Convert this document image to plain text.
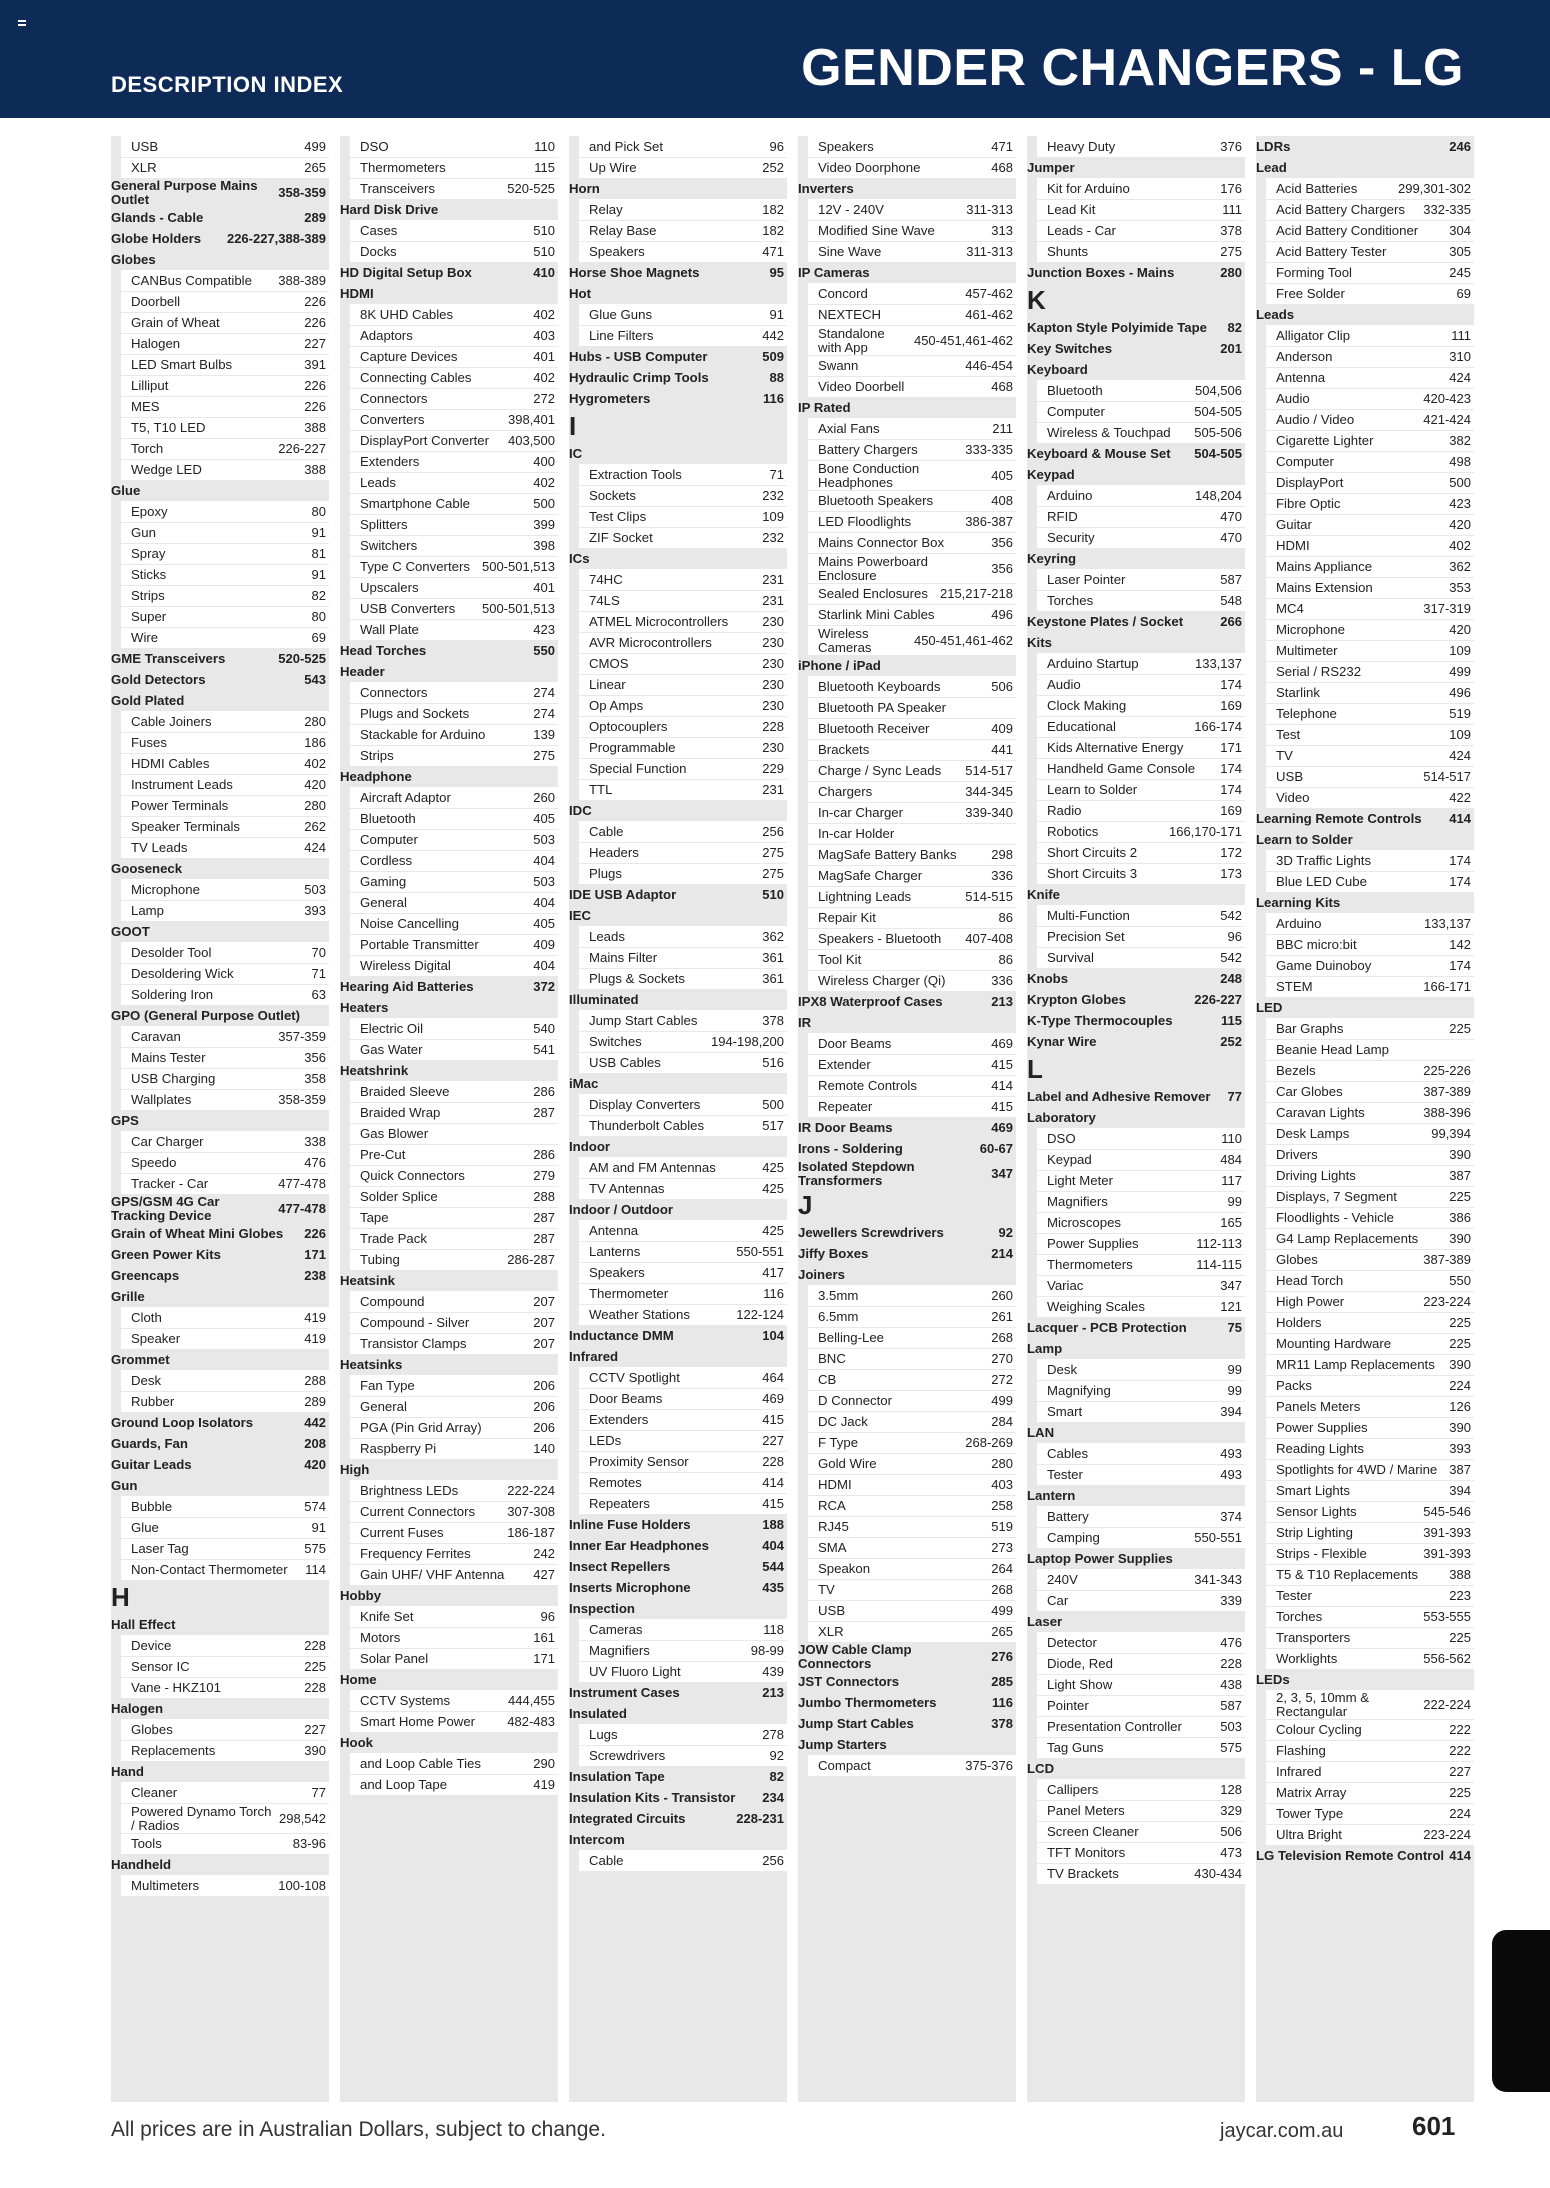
DESCRIPTION INDEX	GENDER CHANGERS - LG
USB	499
XLR	265
General Purpose Mains Outlet	358-359
Glands - Cable	289
Globe Holders	226-227,388-389
Globes
CANBus Compatible	388-389
Doorbell	226
Grain of Wheat	226
Halogen	227
LED Smart Bulbs	391
Lilliput	226
MES	226
T5, T10 LED	388
Torch	226-227
Wedge LED	388
Glue
Epoxy	80
Gun	91
Spray	81
Sticks	91
Strips	82
Super	80
Wire	69
GME Transceivers	520-525
Gold Detectors	543
Gold Plated
Cable Joiners	280
Fuses	186
HDMI Cables	402
Instrument Leads	420
Power Terminals	280
Speaker Terminals	262
TV Leads	424
Gooseneck
Microphone	503
Lamp	393
GOOT
Desolder Tool	70
Desoldering Wick	71
Soldering Iron	63
GPO (General Purpose Outlet)
Caravan	357-359
Mains Tester	356
USB Charging	358
Wallplates	358-359
GPS
Car Charger	338
Speedo	476
Tracker - Car	477-478
GPS/GSM 4G Car Tracking Device	477-478
Grain of Wheat Mini Globes	226
Green Power Kits	171
Greencaps	238
Grille
Cloth	419
Speaker	419
Grommet
Desk	288
Rubber	289
Ground Loop Isolators	442
Guards, Fan	208
Guitar Leads	420
Gun
Bubble	574
Glue	91
Laser Tag	575
Non-Contact Thermometer	114
H
Hall Effect
Device	228
Sensor IC	225
Vane - HKZ101	228
Halogen
Globes	227
Replacements	390
Hand
Cleaner	77
Powered Dynamo Torch / Radios	298,542
Tools	83-96
Handheld
Multimeters	100-108
DSO	110
Thermometers	115
Transceivers	520-525
Hard Disk Drive
Cases	510
Docks	510
HD Digital Setup Box	410
HDMI
8K UHD Cables	402
Adaptors	403
Capture Devices	401
Connecting Cables	402
Connectors	272
Converters	398,401
DisplayPort Converter	403,500
Extenders	400
Leads	402
Smartphone Cable	500
Splitters	399
Switchers	398
Type C Converters 500-501,513
Upscalers	401
USB Converters	500-501,513
Wall Plate	423
Head Torches	550
Header
Connectors	274
Plugs and Sockets	274
Stackable for Arduino	139
Strips	275
Headphone
Aircraft Adaptor	260
Bluetooth	405
Computer	503
Cordless	404
Gaming	503
General	404
Noise Cancelling	405
Portable Transmitter	409
Wireless Digital	404
Hearing Aid Batteries	372
Heaters
Electric Oil	540
Gas Water	541
Heatshrink
Braided Sleeve	286
Braided Wrap	287
Gas Blower
Pre-Cut	286
Quick Connectors	279
Solder Splice	288
Tape	287
Trade Pack	287
Tubing	286-287
Heatsink
Compound	207
Compound - Silver	207
Transistor Clamps	207
Heatsinks
Fan Type	206
General	206
PGA (Pin Grid Array)	206
Raspberry Pi	140
High
Brightness LEDs	222-224
Current Connectors	307-308
Current Fuses	186-187
Frequency Ferrites	242
Gain UHF/ VHF Antenna	427
Hobby
Knife Set	96
Motors	161
Solar Panel	171
Home
CCTV Systems	444,455
Smart Home Power	482-483
Hook
and Loop Cable Ties	290
and Loop Tape	419
and Pick Set	96
Up Wire	252
Horn
Relay	182
Relay Base	182
Speakers	471
Horse Shoe Magnets	95
Hot
Glue Guns	91
Line Filters	442
Hubs - USB Computer	509
Hydraulic Crimp Tools	88
Hygrometers	116
I
IC
Extraction Tools	71
Sockets	232
Test Clips	109
ZIF Socket	232
ICs
74HC	231
74LS	231
ATMEL Microcontrollers	230
AVR Microcontrollers	230
CMOS	230
Linear	230
Op Amps	230
Optocouplers	228
Programmable	230
Special Function	229
TTL	231
IDC
Cable	256
Headers	275
Plugs	275
IDE USB Adaptor	510
IEC
Leads	362
Mains Filter	361
Plugs & Sockets	361
Illuminated
Jump Start Cables	378
Switches	194-198,200
USB Cables	516
iMac
Display Converters	500
Thunderbolt Cables	517
Indoor
AM and FM Antennas	425
TV Antennas	425
Indoor / Outdoor
Antenna	425
Lanterns	550-551
Speakers	417
Thermometer	116
Weather Stations	122-124
Inductance DMM	104
Infrared
CCTV Spotlight	464
Door Beams	469
Extenders	415
LEDs	227
Proximity Sensor	228
Remotes	414
Repeaters	415
Inline Fuse Holders	188
Inner Ear Headphones	404
Insect Repellers	544
Inserts Microphone	435
Inspection
Cameras	118
Magnifiers	98-99
UV Fluoro Light	439
Instrument Cases	213
Insulated
Lugs	278
Screwdrivers	92
Insulation Tape	82
Insulation Kits - Transistor	234
Integrated Circuits	228-231
Intercom
Cable	256
Speakers	471
Video Doorphone	468
Inverters
12V - 240V	311-313
Modified Sine Wave	313
Sine Wave	311-313
IP Cameras
Concord	457-462
NEXTECH	461-462
Standalone with App	450-451,461-462
Swann	446-454
Video Doorbell	468
IP Rated
Axial Fans	211
Battery Chargers	333-335
Bone Conduction Headphones	405
Bluetooth Speakers	408
LED Floodlights	386-387
Mains Connector Box	356
Mains Powerboard Enclosure	356
Sealed Enclosures 215,217-218
Starlink Mini Cables	496
Wireless Cameras	450-451,461-462
iPhone / iPad
Bluetooth Keyboards	506
Bluetooth PA Speaker
Bluetooth Receiver	409
Brackets	441
Charge / Sync Leads	514-517
Chargers	344-345
In-car Charger	339-340
In-car Holder
MagSafe Battery Banks	298
MagSafe Charger	336
Lightning Leads	514-515
Repair Kit	86
Speakers - Bluetooth	407-408
Tool Kit	86
Wireless Charger (Qi)	336
IPX8 Waterproof Cases	213
IR
Door Beams	469
Extender	415
Remote Controls	414
Repeater	415
IR Door Beams	469
Irons - Soldering	60-67
Isolated Stepdown Transformers	347
J
Jewellers Screwdrivers	92
Jiffy Boxes	214
Joiners
3.5mm	260
6.5mm	261
Belling-Lee	268
BNC	270
CB	272
D Connector	499
DC Jack	284
F Type	268-269
Gold Wire	280
HDMI	403
RCA	258
RJ45	519
SMA	273
Speakon	264
TV	268
USB	499
XLR	265
JOW Cable Clamp Connectors	276
JST Connectors	285
Jumbo Thermometers	116
Jump Start Cables	378
Jump Starters
Compact	375-376
Heavy Duty	376
Jumper
Kit for Arduino	176
Lead Kit	111
Leads - Car	378
Shunts	275
Junction Boxes - Mains	280
K
Kapton Style Polyimide Tape	82
Key Switches	201
Keyboard
Bluetooth	504,506
Computer	504-505
Wireless & Touchpad	505-506
Keyboard & Mouse Set	504-505
Keypad
Arduino	148,204
RFID	470
Security	470
Keyring
Laser Pointer	587
Torches	548
Keystone Plates / Socket	266
Kits
Arduino Startup	133,137
Audio	174
Clock Making	169
Educational	166-174
Kids Alternative Energy	171
Handheld Game Console	174
Learn to Solder	174
Radio	169
Robotics	166,170-171
Short Circuits 2	172
Short Circuits 3	173
Knife
Multi-Function	542
Precision Set	96
Survival	542
Knobs	248
Krypton Globes	226-227
K-Type Thermocouples	115
Kynar Wire	252
L
Label and Adhesive Remover	77
Laboratory
DSO	110
Keypad	484
Light Meter	117
Magnifiers	99
Microscopes	165
Power Supplies	112-113
Thermometers	114-115
Variac	347
Weighing Scales	121
Lacquer - PCB Protection	75
Lamp
Desk	99
Magnifying	99
Smart	394
LAN
Cables	493
Tester	493
Lantern
Battery	374
Camping	550-551
Laptop Power Supplies
240V	341-343
Car	339
Laser
Detector	476
Diode, Red	228
Light Show	438
Pointer	587
Presentation Controller	503
Tag Guns	575
LCD
Callipers	128
Panel Meters	329
Screen Cleaner	506
TFT Monitors	473
TV Brackets	430-434
LDRs	246
Lead
Acid Batteries	299,301-302
Acid Battery Chargers	332-335
Acid Battery Conditioner	304
Acid Battery Tester	305
Forming Tool	245
Free Solder	69
Leads
Alligator Clip	111
Anderson	310
Antenna	424
Audio	420-423
Audio / Video	421-424
Cigarette Lighter	382
Computer	498
DisplayPort	500
Fibre Optic	423
Guitar	420
HDMI	402
Mains Appliance	362
Mains Extension	353
MC4	317-319
Microphone	420
Multimeter	109
Serial / RS232	499
Starlink	496
Telephone	519
Test	109
TV	424
USB	514-517
Video	422
Learning Remote Controls	414
Learn to Solder
3D Traffic Lights	174
Blue LED Cube	174
Learning Kits
Arduino	133,137
BBC micro:bit	142
Game Duinoboy	174
STEM	166-171
LED
Bar Graphs	225
Beanie Head Lamp
Bezels	225-226
Car Globes	387-389
Caravan Lights	388-396
Desk Lamps	99,394
Drivers	390
Driving Lights	387
Displays, 7 Segment	225
Floodlights - Vehicle	386
G4 Lamp Replacements	390
Globes	387-389
Head Torch	550
High Power	223-224
Holders	225
Mounting Hardware	225
MR11 Lamp Replacements	390
Packs	224
Panels Meters	126
Power Supplies	390
Reading Lights	393
Spotlights for 4WD / Marine 387
Smart Lights	394
Sensor Lights	545-546
Strip Lighting	391-393
Strips - Flexible	391-393
T5 & T10 Replacements	388
Tester	223
Torches	553-555
Transporters	225
Worklights	556-562
LEDs
2, 3, 5, 10mm & Rectangular	222-224
Colour Cycling	222
Flashing	222
Infrared	227
Matrix Array	225
Tower Type	224
Ultra Bright	223-224
LG Television Remote Control 414
All prices are in Australian Dollars, subject to change.	jaycar.com.au	601
